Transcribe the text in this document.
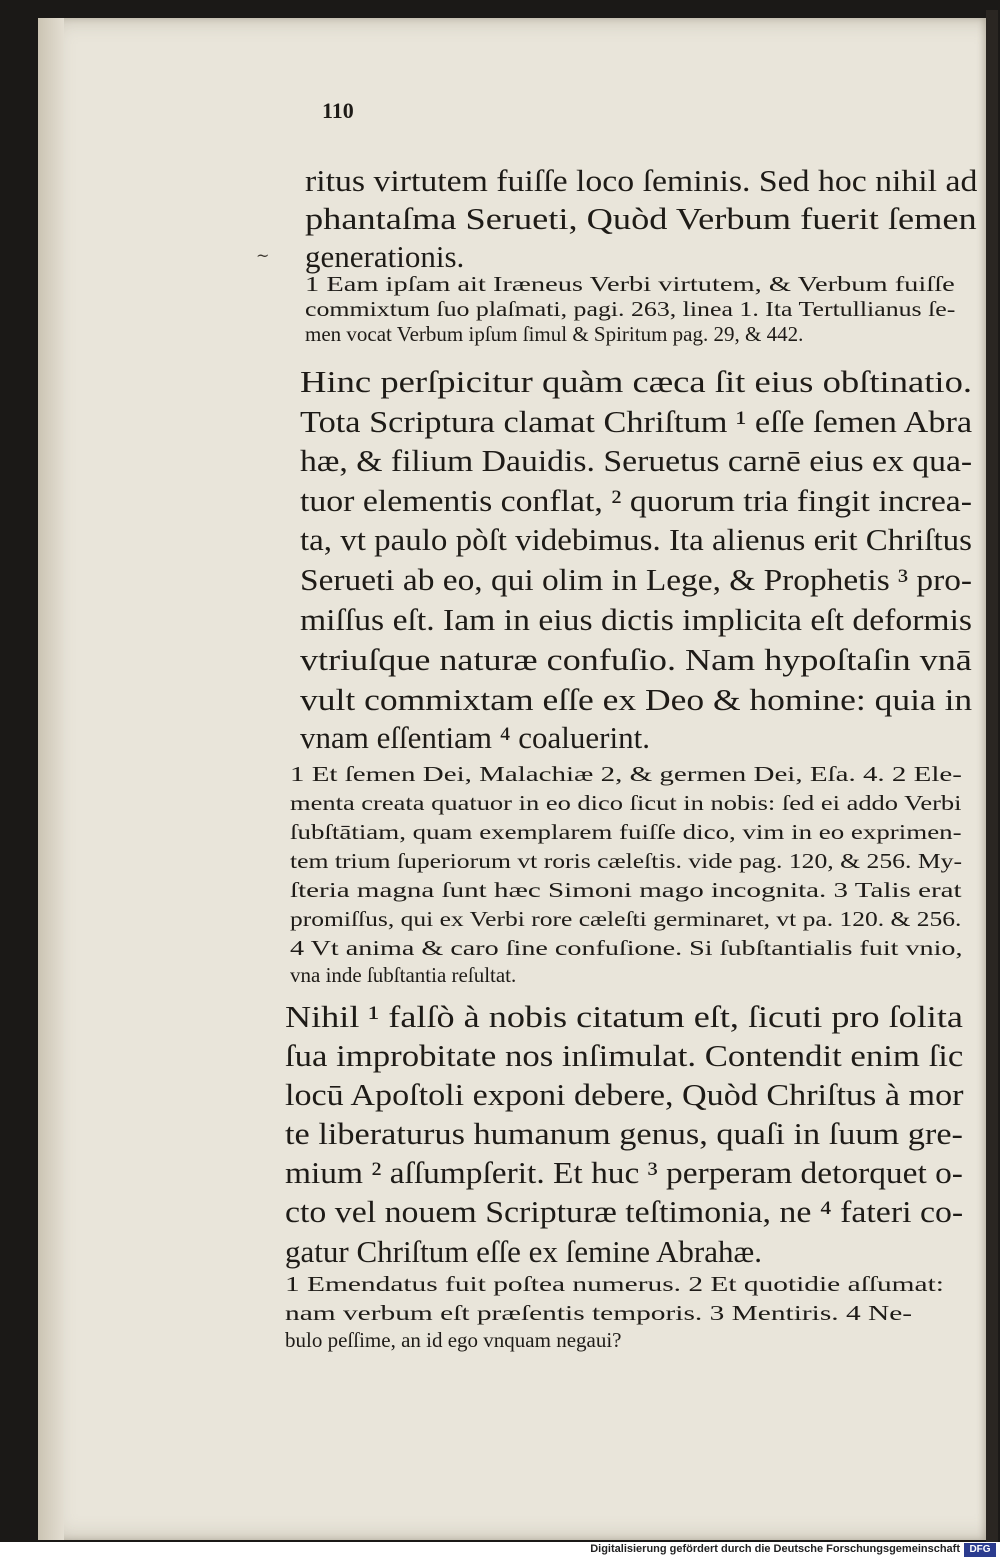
110
~
ritus virtutem fuiſſe loco ſeminis. Sed hoc nihil ad
phantaſma Serueti, Quòd Verbum fuerit ſemen
generationis.
1 Eam ipſam ait Iræneus Verbi virtutem, & Verbum fuiſſe
commixtum ſuo plaſmati, pagi. 263, linea 1. Ita Tertullianus ſe-
men vocat Verbum ipſum ſimul & Spiritum pag. 29, & 442.
Hinc perſpicitur quàm cæca ſit eius obſtinatio.
Tota Scriptura clamat Chriſtum ¹ eſſe ſemen Abra
hæ, & filium Dauidis. Seruetus carnē eius ex qua-
tuor elementis conflat, ² quorum tria fingit increa-
ta, vt paulo pòſt videbimus. Ita alienus erit Chriſtus
Serueti ab eo, qui olim in Lege, & Prophetis ³ pro-
miſſus eſt. Iam in eius dictis implicita eſt deformis
vtriuſque naturæ confuſio. Nam hypoſtaſin vnā
vult commixtam eſſe ex Deo & homine: quia in
vnam eſſentiam ⁴ coaluerint.
1 Et ſemen Dei, Malachiæ 2, & germen Dei, Eſa. 4. 2 Ele-
menta creata quatuor in eo dico ſicut in nobis: ſed ei addo Verbi
ſubſtātiam, quam exemplarem fuiſſe dico, vim in eo exprimen-
tem trium ſuperiorum vt roris cæleſtis. vide pag. 120, & 256. My-
ſteria magna ſunt hæc Simoni mago incognita. 3 Talis erat
promiſſus, qui ex Verbi rore cæleſti germinaret, vt pa. 120. & 256.
4 Vt anima & caro ſine confuſione. Si ſubſtantialis fuit vnio,
vna inde ſubſtantia reſultat.
Nihil ¹ falſò à nobis citatum eſt, ſicuti pro ſolita
ſua improbitate nos inſimulat. Contendit enim ſic
locū Apoſtoli exponi debere, Quòd Chriſtus à mor
te liberaturus humanum genus, quaſi in ſuum gre-
mium ² aſſumpſerit. Et huc ³ perperam detorquet o-
cto vel nouem Scripturæ teſtimonia, ne ⁴ fateri co-
gatur Chriſtum eſſe ex ſemine Abrahæ.
1 Emendatus fuit poſtea numerus. 2 Et quotidie aſſumat:
nam verbum eſt præſentis temporis. 3 Mentiris. 4 Ne-
bulo peſſime, an id ego vnquam negaui?
Digitalisierung gefördert durch die Deutsche Forschungsgemeinschaft DFG
